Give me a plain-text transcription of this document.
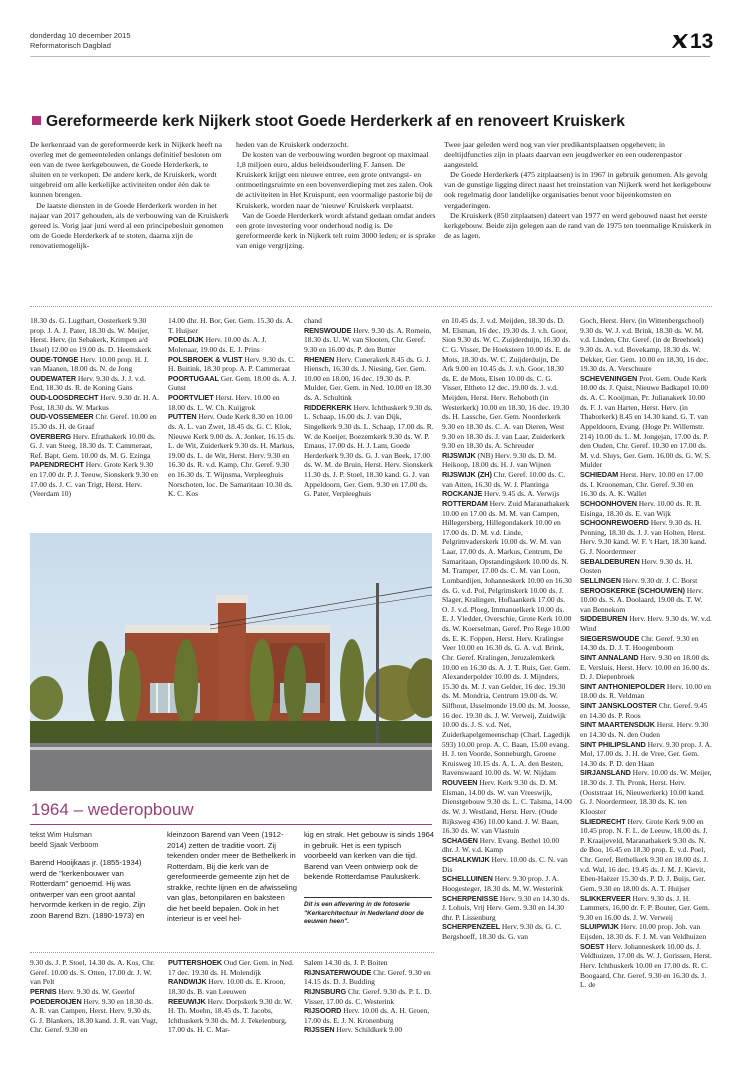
donderdag 10 december 2015
Reformatorisch Dagblad	13
Gereformeerde kerk Nijkerk stoot Goede Herderkerk af en renoveert Kruiskerk

De kerkenraad van de gereformeerde kerk in Nijkerk heeft na overleg met de gemeenteleden onlangs definitief besloten om een van de twee kerkgebouwen, de Goede Herderkerk, te sluiten en te verkopen. De andere kerk, de Kruiskerk, wordt uitgebreid om alle kerkelijke activiteiten onder één dak te kunnen brengen.

De laatste diensten in de Goede Herderkerk worden in het najaar van 2017 gehouden, als de verbouwing van de Kruiskerk gereed is. Vorig jaar juni werd al een principebesluit genomen om de Goede Herderkerk af te stoten, daarna zijn de renovatiemogelijk-

heden van de Kruiskerk onderzocht.

De kosten van de verbouwing worden begroot op maximaal 1,8 miljoen euro, aldus beleidsouderling F. Jansen. De Kruiskerk krijgt een nieuwe entree, een grote ontvangst- en ontmoetingsruimte en een bovenverdieping met zes zalen. Ook de activiteiten in Het Kruispunt, een voormalige pastorie bij de Kruiskerk, worden naar de 'nieuwe' Kruiskerk verplaatst.

Van de Goede Herderkerk wordt afstand gedaan omdat anders een grote investering voor onderhoud nodig is. De gereformeerde kerk in Nijkerk telt ruim 3000 leden; er is sprake van enige vergrijzing.

Twee jaar geleden werd nog van vier predikantsplaatsen opgeheven; in deeltijdfuncties zijn in plaats daarvan een jeugdwerker en een ouderenpastor aangesteld.

De Goede Herderkerk (475 zitplaatsen) is in 1967 in gebruik genomen. Als gevolg van de gunstige ligging direct naast het treinstation van Nijkerk werd het kerkgebouw ook regelmatig door landelijke organisaties benut voor bijeenkomsten en vergaderingen.

De Kruiskerk (850 zitplaatsen) dateert van 1977 en werd gebouwd naast het eerste kerkgebouw. Beide zijn gelegen aan de rand van de 1975 ten toenmalige Kruiskerk in de as lagen.

18.30 ds. G. Lugthart, Oosterkerk 9.30 prop. J. A. J. Pater, 18.30 ds. W. Meijer, Herst. Herv. (in Sebakerk, Krimpen a/d IJssel) 12.00 en 19.00 ds. D. Heemskerk
OUDE-TONGE Herv. 10.00 prop. H. J. van Maanen, 18.00 ds. N. de Jong
OUDEWATER Herv. 9.30 ds. J. J. v.d. End, 18.30 ds. R. de Koning Gans
OUD-LOOSDRECHT Herv. 9.30 dr. H. A. Post, 18.30 ds. W. Markus
OUD-VOSSEMEER Chr. Geref. 10.00 en 15.30 ds. H. de Graaf
OVERBERG Herv. Efrathakerk 10.00 ds. G. J. van Steeg, 18.30 ds. T. Cammeraat, Ref. Bapt. Gem. 10.00 ds. M. G. Ezinga
PAPENDRECHT Herv. Grote Kerk 9.30 en 17.00 dr. P. J. Teeuw, Sionskerk 9.30 en 17.00 ds. J. C. van Trigt, Herst. Herv. (Veerdam 10)
14.00 dhr. H. Bor, Ger. Gem. 15.30 ds. A. T. Huijser
POELDIJK Herv. 10.00 ds. A. J. Molenaar, 19.00 ds. E. J. Prins
POLSBROEK & VLIST Herv. 9.30 ds. C. H. Buitink, 18.30 prop. A. P. Cammeraat
POORTUGAAL Ger. Gem. 18.00 ds. A. J. Gunst
POORTVLIET Herst. Herv. 10.00 en 18.00 ds. L. W. Ch. Kuijgrok
PUTTEN Herv. Oude Kerk 8.30 en 10.00 ds. A. L. van Zwet, 18.45 ds. G. C. Klok, Nieuwe Kerk 9.00 ds. A. Jonker, 16.15 ds. L. de Wit, Zuiderkerk 9.30 ds. H. Markus, 19.00 ds. L. de Wit, Herst. Herv. 9.30 en 16.30 ds. R. v.d. Kamp, Chr. Geref. 9.30 en 16.30 ds. T. Wijnsma, Verpleeghuis Norschoten, loc. De Samaritaan 10.30 ds. K. C. Kos
chand
RENSWOUDE Herv. 9.30 ds. A. Romein, 18.30 ds. U. W. van Slooten, Chr. Geref. 9.30 en 16.00 ds. P. den Butter
RHENEN Herv. Cunerakerk 8.45 ds. G. J. Hiensch, 16.30 ds. J. Niesing, Ger. Gem. 10.00 en 18.00, 16 dec. 19.30 ds. P. Mulder, Ger. Gem. in Ned. 10.00 en 18.30 ds. A. Schultink
RIDDERKERK Herv. Ichthuskerk 9.30 ds. L. Schaap, 16.00 ds. J. van Dijk, Singelkerk 9.30 ds. L. Schaap, 17.00 ds. R. W. de Koeijer, Boezemkerk 9.30 ds. W. P. Emaus, 17.00 ds. H. J. Lam, Goede Herderkerk 9.30 ds. G. J. van Beek, 17.00 ds. W. M. de Bruin, Herst. Herv. Sionskerk 11.30 ds. J. P. Stoel, 18.30 kand. G. J. van Appeldoorn, Ger. Gem. 9.30 en 17.00 ds. G. Pater, Verpleeghuis
en 10.45 ds. J. v.d. Meijden, 18.30 ds. D. M. Elsman, 16 dec. 19.30 ds. J. v.h. Goor, Sion 9.30 ds. W. C. Zuijderduijn, 16.30 ds. C. G. Visser, De Hoeksteen 10.00 ds. E. de Mots, 18.30 ds. W. C. Zuijderduijn, De Ark 9.00 en 10.45 ds. J. v.h. Goor, 18.30 ds. E. de Mots, Elsen 10.00 ds. C. G. Visser, Eltheto 12 dec. 19.00 ds. J. v.d. Meijden, Herst. Herv. Rehoboth (in Westerkerk) 10.00 en 18.30, 16 dec. 19.30 ds. H. Lassche, Ger. Gem. Noorderkerk 9.30 en 18.30 ds. C. A. van Dieren, West 9.30 en 18.30 ds. J. van Laar, Zuiderkerk 9.30 en 18.30 ds. A. Schreuder
RIJSWIJK (NB) Herv. 9.30 ds. D. M. Heikoop, 18.00 ds. H. J. van Wijnen
RIJSWIJK (ZH) Chr. Geref. 10.00 ds. C. van Atten, 16.30 ds. W. J. Plantinga
ROCKANJE Herv. 9.45 ds. A. Verwijs
ROTTERDAM Herv. Zuid Maranathakerk 10.00 en 17.00 ds. M. M. van Campen, Hillegersberg, Hillegondakerk 10.00 en 17.00 ds. D. M. v.d. Linde, Pelgrimvaderskerk 10.00 ds. W. M. van Laar, 17.00 ds. A. Markus, Centrum, De Samaritaan, Opstandingskerk 10.00 ds. N. M. Tramper, 17.00 ds. C. M. van Loon, Lombardijen, Johanneskerk 10.00 en 16.30 ds. G. v.d. Pol, Pelgrimskerk 10.00 ds. J. Slager, Kralingen, Hoflaankerk 17.00 ds. O. J. v.d. Ploeg, Immanuelkerk 10.00 ds. E. J. Vledder, Overschie, Grote Kerk 10.00 ds. W. Koerselman, Geref. Pro Rege 10.00 ds. E. K. Foppen, Herst. Herv. Kralingse Veer 10.00 en 16.30 ds. G. A. v.d. Brink, Chr. Geref. Kralingen, Jeruzalemkerk 10.00 en 16.30 ds. A. J. T. Ruis, Ger. Gem. Alexanderpolder 10.00 ds. J. Mijnders, 15.30 ds. M. J. van Gelder, 16 dec. 19.30 ds. M. Mondria, Centrum 19.00 ds. W. Silfhout, IJsselmonde 19.00 ds. M. Joosse, 16 dec. 19.30 ds. J. W. Verweij, Zuidwijk 10.00 ds. J. S. v.d. Net, Zuiderkapelgemeenschap (Charl. Lagedijk 593) 10.00 prop. A. C. Baan, 15.00 evang. H. J. ten Voorde, Sonneburgh, Groene Kruisweg 10.15 ds. A. L. A. den Besten, Ravenswaard 10.00 ds. W. W. Nijdam
ROUVEEN Herv. Kerk 9.30 ds. D. M. Elsman, 14.00 ds. W. van Vreeswijk, Dienstgebouw 9.30 ds. L. C. Talsma, 14.00 ds. W. J. Westland, Herst. Herv. (Oude Rijksweg 436) 10.00 kand. J. W. Baan, 16.30 ds. W. van Vlastuin
SCHAGEN Herv. Evang. Bethel 10.00 dhr. J. W. v.d. Kamp
SCHALKWIJK Herv. 10.00 ds. C. N. van Dis
SCHELLUINEN Herv. 9.30 prop. J. A. Hoogesteger, 18.30 ds. M. W. Westerink
SCHERPENISSE Herv. 9.30 en 14.30 ds. J. Lohuis, Vrij Herv. Gem. 9.30 en 14.30 dhr. P. Lissenburg
SCHERPENZEEL Herv. 9.30 ds. G. C. Bergshoeff, 18.30 ds. G. van
Goch, Herst. Herv. (in Wittenbergschool) 9.30 ds. W. J. v.d. Brink, 18.30 ds. W. M. v.d. Linden, Chr. Geref. (in de Breehoek) 9.30 ds. A. v.d. Bovekamp, 18.30 ds. W. Dekker, Ger. Gem. 10.00 en 18.30, 16 dec. 19.30 ds. A. Verschuure
SCHEVENINGEN Prot. Gem. Oude Kerk 10.00 ds. J. Quist, Nieuwe Badkapel 10.00 ds. A. C. Kooijman, Pr. Julianakerk 10.00 ds. F. J. van Harten, Herst. Herv. (in Thaborkerk) 8.45 en 14.30 kand. G. T. van Appeldoorn, Evang. (Hoge Pr. Willemstr. 214) 10.00 ds. L. M. Jongejan, 17.00 ds. P. den Ouden, Chr. Geref. 10.30 en 17.00 ds. M. v.d. Sluys, Ger. Gem. 16.00 ds. G. W. S. Mulder
SCHIEDAM Herst. Herv. 10.00 en 17.00 ds. I. Krooneman, Chr. Geref. 9.30 en 16.30 ds. A. K. Wallet
SCHOONHOVEN Herv. 10.00 ds. R. R. Eisinga, 18.30 ds. E. van Wijk
SCHOONREWOERD Herv. 9.30 ds. H. Penning, 18.30 ds. J. J. van Holten, Herst. Herv. 9.30 kand. W. F. 't Hart, 18.30 kand. G. J. Noordermeer
SEBALDEBUREN Herv. 9.30 ds. H. Oosten
SELLINGEN Herv. 9.30 dr. J. C. Borst
SEROOSKERKE (SCHOUWEN) Herv. 10.00 ds. S. A. Doolaard, 19.00 ds. T. W. van Bennekom
SIDDEBUREN Herv. Herv. 9.30 ds. W. v.d. Wind
SIEGERSWOUDE Chr. Geref. 9.30 en 14.30 ds. D. J. T. Hoogenboom
SINT ANNALAND Herv. 9.30 en 18.00 ds. E. Versluis, Herst. Herv. 10.00 en 16.00 ds. D. J. Diepenbroek
SINT ANTHONIEPOLDER Herv. 10.00 en 18.00 ds. R. Veldman
SINT JANSKLOOSTER Chr. Geref. 9.45 en 14.30 ds. P. Roos
SINT MAARTENSDIJK Herst. Herv. 9.30 en 14.30 ds. N. den Ouden
SINT PHILIPSLAND Herv. 9.30 prop. J. A. Mol, 17.00 ds. J. H. de Vree, Ger. Gem. 14.30 ds. P. D. den Haan
SIRJANSLAND Herv. 10.00 ds. W. Meijer, 18.30 ds. J. Th. Pronk, Herst. Herv. (Ooststraat 16, Nieuwerkerk) 10.00 kand. G. J. Noordermeer, 18.30 ds. K. ten Klooster
SLIEDRECHT Herv. Grote Kerk 9.00 en 10.45 prop. N. F. L. de Leeuw, 18.00 ds. J. P. Kraaijeveld, Maranathakerk 9.30 ds. N. de Boo, 16.45 en 18.30 prop. E. v.d. Poel, Chr. Geref. Bethelkerk 9.30 en 18.00 ds. J. v.d. Wal, 16 dec. 19.45 ds. J. M. J. Kievit, Eben-Haëzer 15.30 ds. P. D. J. Buijs, Ger. Gem. 9.30 en 18.00 ds. A. T. Huijser
SLIKKERVEER Herv. 9.30 ds. J. H. Lammers, 16.00 dr. F. P. Bouter, Ger. Gem. 9.30 en 16.00 ds. J. W. Verweij
SLUIPWIJK Herv. 10.00 prop. Joh. van Eijsden, 18.30 ds. F. J. M. van Veldhuizen
SOEST Herv. Johanneskerk 10.00 ds. J. Veldhuizen, 17.00 ds. W. J. Gorissen, Herst. Herv. Ichthuskerk 10.00 en 17.00 ds. R. C. Boogaard, Chr. Geref. 9.30 en 16.30 ds. J. L. de
1964 – wederopbouw
tekst Wim Hulsman
beeld Sjaak Verboom
Barend Hooijkaas jr. (1855-1934) werd de "kerkenbouwer van Rotterdam" genoemd. Hij was ontwerper van een groot aantal hervormde kerken in de regio. Zijn zoon Barend Bzn. (1890-1973) en
kleinzoon Barend van Veen (1912-2014) zetten de traditie voort. Zij tekenden onder meer de Bethelkerk in Rotterdam. Bij die kerk van de gereformeerde gemeente zijn het de strakke, rechte lijnen en de afwisseling van glas, betonpilaren en baksteen die het beeld bepalen. Ook in het interieur is er veel hel-
kig en strak. Het gebouw is sinds 1964 in gebruik. Het is een typisch voorbeeld van kerken van die tijd. Barend van Veen ontwierp ook de bekende Rotterdamse Pauluskerk.
Dit is een aflevering in de fotoserie "Kerkarchitectuur in Nederland door de eeuwen heen".
9.30 ds. J. P. Stoel, 14.30 ds. A. Kos, Chr. Geref. 10.00 ds. S. Otten, 17.00 dr. J. W. van Pelt
PERNIS Herv. 9.30 ds. W. Geerlof
POEDEROIJEN Herv. 9.30 en 18.30 ds. A. R. van Campen, Herst. Herv. 9.30 ds. G. J. Blankers, 18.30 kand. J. R. van Vugt, Chr. Geref. 9.30 en
PUTTERSHOEK Oud Ger. Gem. in Ned. 17 dec. 19.30 ds. H. Molendijk
RANDWIJK Herv. 10.00 ds. E. Kroon, 18.30 ds. B. van Leeuwen
REEUWIJK Herv. Dorpskerk 9.30 dr. W. H. Th. Moehn, 18.45 ds. T. Jacobs, Ichthuskerk 9.30 ds. M. J. Tekelenburg, 17.00 ds. H. C. Mar-
Salem 14.30 ds. J. P. Boiten
RIJNSATERWOUDE Chr. Geref. 9.30 en 14.15 ds. D. J. Budding
RIJNSBURG Chr. Geref. 9.30 ds. P. L. D. Visser, 17.00 ds. C. Westerink
RIJSOORD Herv. 10.00 ds. A. H. Groen, 17.00 ds. E. J. N. Kronenburg
RIJSSEN Herv. Schildkerk 9.00
